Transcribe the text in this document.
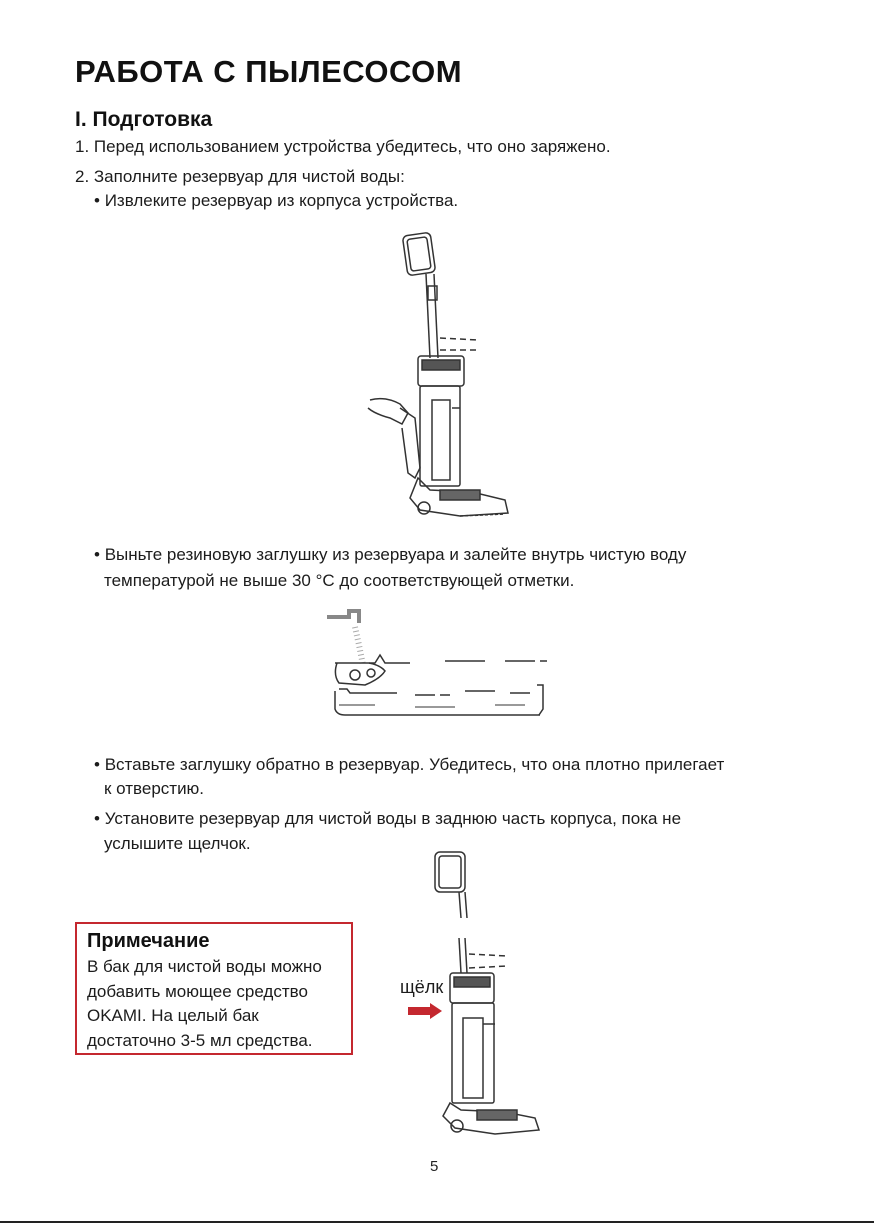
РАБОТА С ПЫЛЕСОСОМ
I. Подготовка
1. Перед использованием устройства убедитесь, что оно заряжено.
2. Заполните резервуар для чистой воды:
• Извлеките резервуар из корпуса устройства.
• Выньте резиновую заглушку из резервуара и залейте внутрь чистую воду
температурой не выше 30 °C до соответствующей отметки.
• Вставьте заглушку обратно в резервуар. Убедитесь, что она плотно прилегает
к отверстию.
• Установите резервуар для чистой воды в заднюю часть корпуса, пока не
услышите щелчок.
Примечание
В бак для чистой воды можно
добавить моющее средство
OKAMI. На целый бак
достаточно 3-5 мл средства.
щёлк
5
